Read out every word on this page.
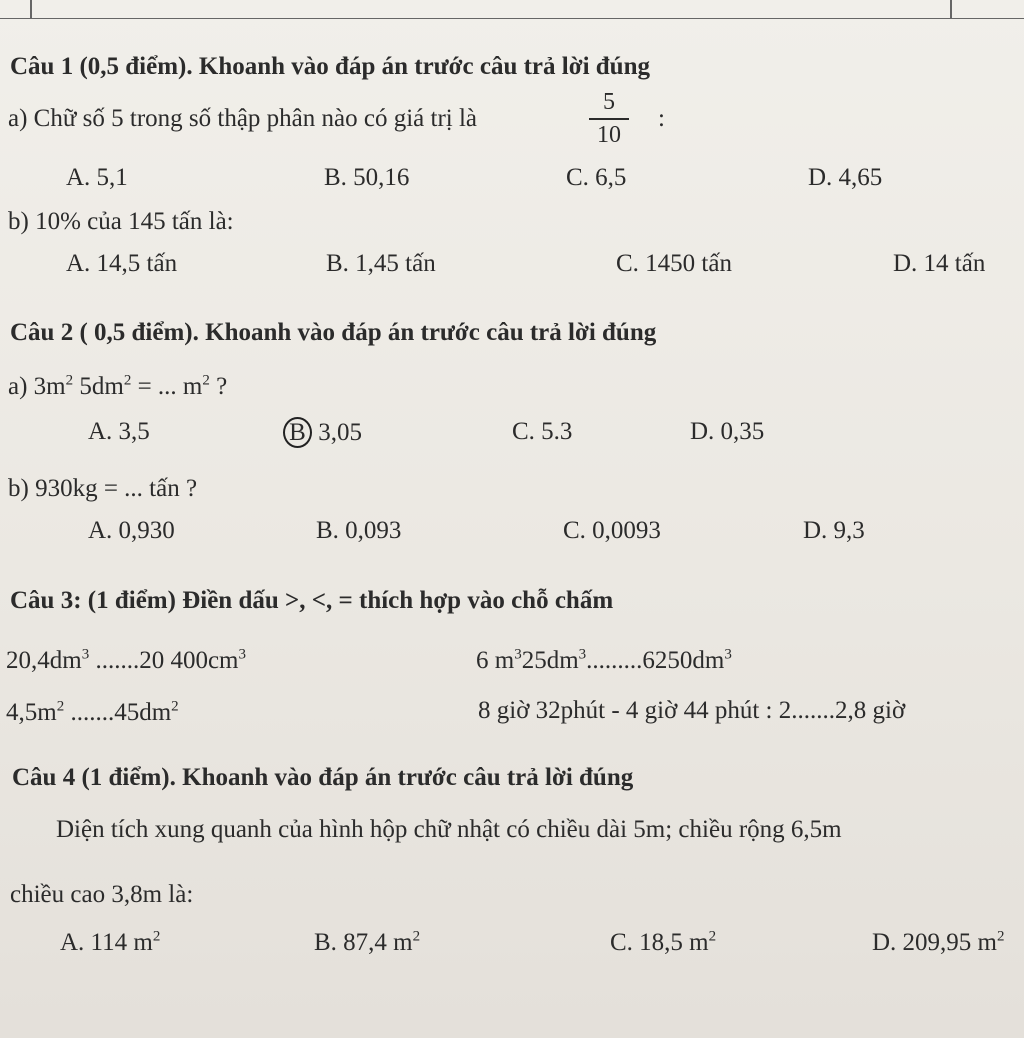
Câu 1 (0,5 điểm). Khoanh vào đáp án trước câu trả lời đúng
a) Chữ số 5 trong số thập phân nào có giá trị là
5
10
:
A. 5,1	B. 50,16	C. 6,5	D. 4,65
b) 10% của 145 tấn là:
A. 14,5 tấn	B. 1,45 tấn	C. 1450 tấn	D. 14 tấn
Câu 2 ( 0,5 điểm). Khoanh vào đáp án trước câu trả lời đúng
a) $3m^2$ $5dm^2$ = ... $m^2$ ?
A. 3,5	B 3,05	C. 5.3	D. 0,35
b) 930kg = ... tấn ?
A. 0,930	B. 0,093	C. 0,0093	D. 9,3
Câu 3: (1 điểm) Điền dấu >, <, = thích hợp vào chỗ chấm
$20,4dm^3$ .......20 $400cm^3$	6 $m^325dm^3.........6250dm^3$
$4,5m^2$ $.......45dm^2$	8 giờ 32phút - 4 giờ 44 phút : 2.......2,8 giờ
Câu 4 (1 điểm). Khoanh vào đáp án trước câu trả lời đúng
Diện tích xung quanh của hình hộp chữ nhật có chiều dài 5m; chiều rộng 6,5m
chiều cao 3,8m là:
A. 114 $m^2$	B. 87,4 $m^2$	C. 18,5 $m^2$	D. 209,95 $m^2$
